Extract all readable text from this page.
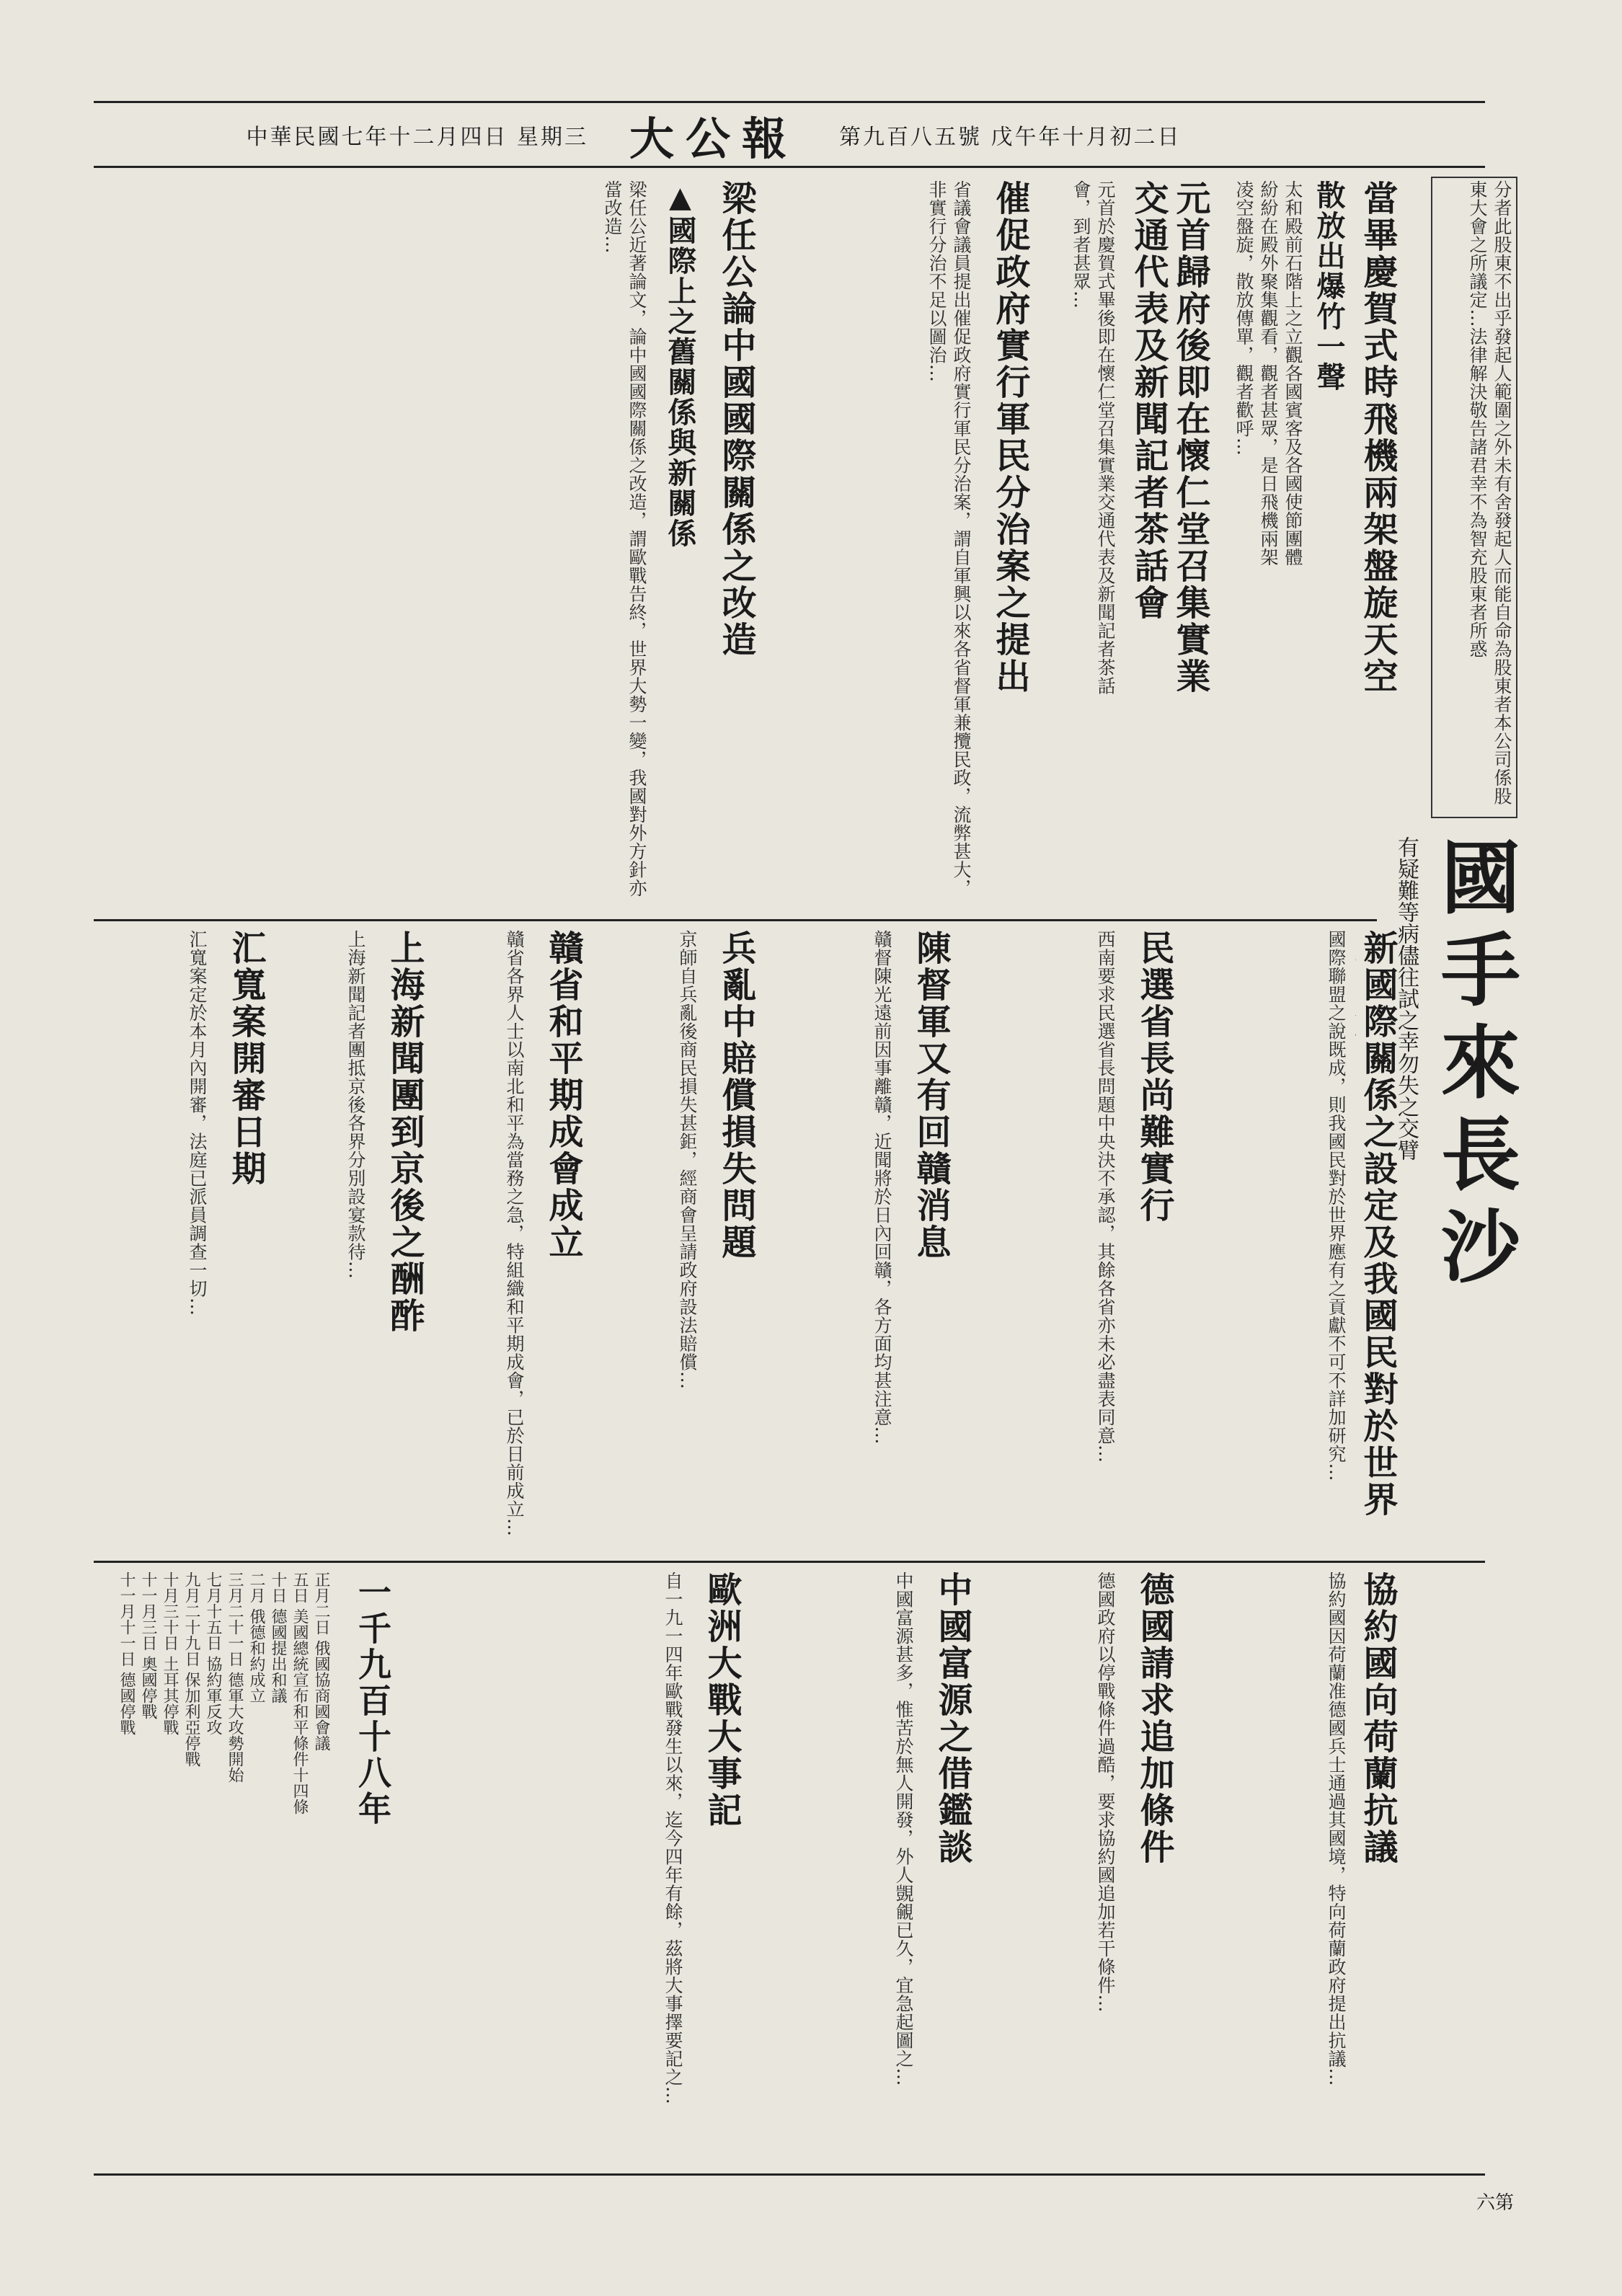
中華民國七年十二月四日 星期三 大公報	第九百八五號 戊午年十月初二日
分者此股東不出乎發起人範圍之外未有舍發起人而能自命為股東者本公司係股東大會之所議定…法律解決敬告諸君幸不為智充股東者所惑
國手來長沙
有疑難等病儘往試之幸勿失之交臂
當畢慶賀式時飛機兩架盤旋天空
散放出爆竹一聲
太和殿前石階上之立觀各國賓客及各國使節團體紛紛在殿外聚集觀看，觀者甚眾，是日飛機兩架凌空盤旋，散放傳單，觀者歡呼…
元首歸府後即在懷仁堂召集實業交通代表及新聞記者茶話會
元首於慶賀式畢後即在懷仁堂召集實業交通代表及新聞記者茶話會，到者甚眾…
催促政府實行軍民分治案之提出
省議會議員提出催促政府實行軍民分治案，謂自軍興以來各省督軍兼攬民政，流弊甚大，非實行分治不足以圖治…
梁任公論中國國際關係之改造
▲國際上之舊關係與新關係
梁任公近著論文，論中國國際關係之改造，謂歐戰告終，世界大勢一變，我國對外方針亦當改造…
新國際關係之設定及我國民對於世界
國際聯盟之說既成，則我國民對於世界應有之貢獻不可不詳加研究…
民選省長尚難實行
西南要求民選省長問題中央決不承認，其餘各省亦未必盡表同意…
陳督軍又有回贛消息
贛督陳光遠前因事離贛，近聞將於日內回贛，各方面均甚注意…
兵亂中賠償損失問題
京師自兵亂後商民損失甚鉅，經商會呈請政府設法賠償…
贛省和平期成會成立
贛省各界人士以南北和平為當務之急，特組織和平期成會，已於日前成立…
上海新聞團到京後之酬酢
上海新聞記者團抵京後各界分別設宴款待…
汇寬案開審日期
汇寬案定於本月內開審，法庭已派員調查一切…
協約國向荷蘭抗議
協約國因荷蘭准德國兵士通過其國境，特向荷蘭政府提出抗議…
德國請求追加條件
德國政府以停戰條件過酷，要求協約國追加若干條件…
中國富源之借鑑談
中國富源甚多，惟苦於無人開發，外人覬覦已久，宜急起圖之…
歐洲大戰大事記
自一九一四年歐戰發生以來，迄今四年有餘，茲將大事擇要記之…
一千九百十八年
正月二日 俄國協商國會議
五日 美國總統宣布和平條件十四條
十日 德國提出和議
二月 俄德和約成立
三月二十一日 德軍大攻勢開始
七月十五日 協約軍反攻
九月二十九日 保加利亞停戰
十月三十日 土耳其停戰
十一月三日 奧國停戰
十一月十一日 德國停戰
六第
